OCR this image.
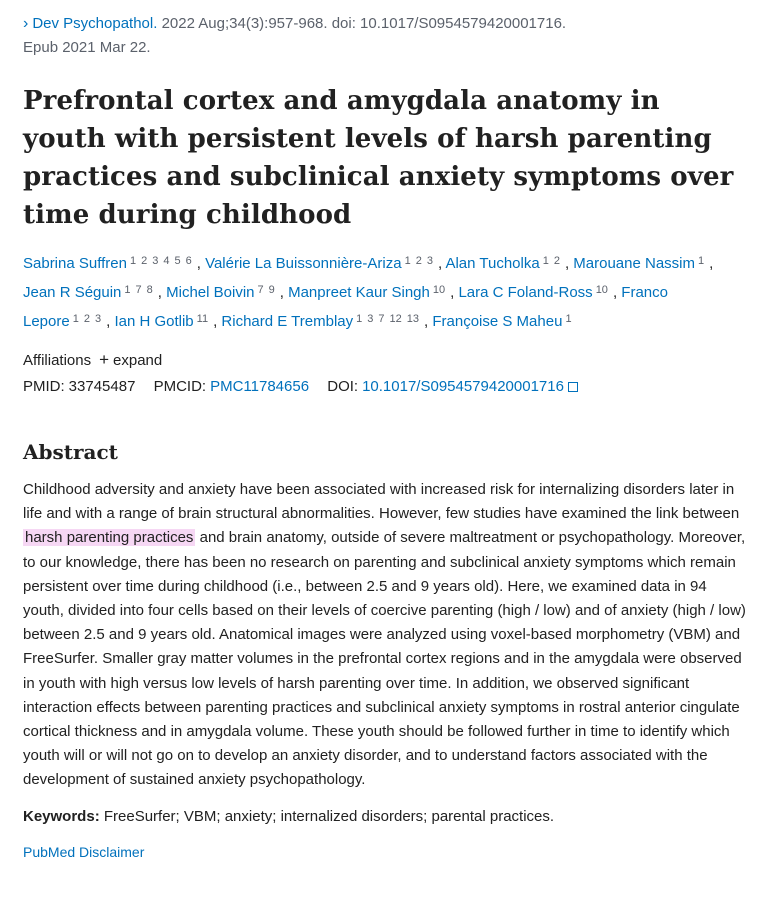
› Dev Psychopathol. 2022 Aug;34(3):957-968. doi: 10.1017/S0954579420001716.
Epub 2021 Mar 22.
Prefrontal cortex and amygdala anatomy in youth with persistent levels of harsh parenting practices and subclinical anxiety symptoms over time during childhood
Sabrina Suffren $^{1 2 3 4 5 6}$ , Valérie La Buissonnière-Ariza $^{1 2 3}$ , Alan Tucholka $^{1 2}$ , Marouane Nassim $^1$ , Jean R Séguin $^{1 7 8}$ , Michel Boivin $^{7 9}$ , Manpreet Kaur Singh $^{10}$ , Lara C Foland-Ross $^{10}$ , Franco Lepore $^{1 2 3}$ , Ian H Gotlib $^{11}$ , Richard E Tremblay $^{1 3 7 12 13}$ , Françoise S Maheu $^1$
Affiliations + expand
PMID: 33745487 PMCID: PMC11784656 DOI: 10.1017/S0954579420001716
Abstract

Childhood adversity and anxiety have been associated with increased risk for internalizing disorders later in life and with a range of brain structural abnormalities. However, few studies have examined the link between harsh parenting practices and brain anatomy, outside of severe maltreatment or psychopathology. Moreover, to our knowledge, there has been no research on parenting and subclinical anxiety symptoms which remain persistent over time during childhood (i.e., between 2.5 and 9 years old). Here, we examined data in 94 youth, divided into four cells based on their levels of coercive parenting (high / low) and of anxiety (high / low) between 2.5 and 9 years old. Anatomical images were analyzed using voxel-based morphometry (VBM) and FreeSurfer. Smaller gray matter volumes in the prefrontal cortex regions and in the amygdala were observed in youth with high versus low levels of harsh parenting over time. In addition, we observed significant interaction effects between parenting practices and subclinical anxiety symptoms in rostral anterior cingulate cortical thickness and in amygdala volume. These youth should be followed further in time to identify which youth will or will not go on to develop an anxiety disorder, and to understand factors associated with the development of sustained anxiety psychopathology.

Keywords: FreeSurfer; VBM; anxiety; internalized disorders; parental practices.
PubMed Disclaimer
